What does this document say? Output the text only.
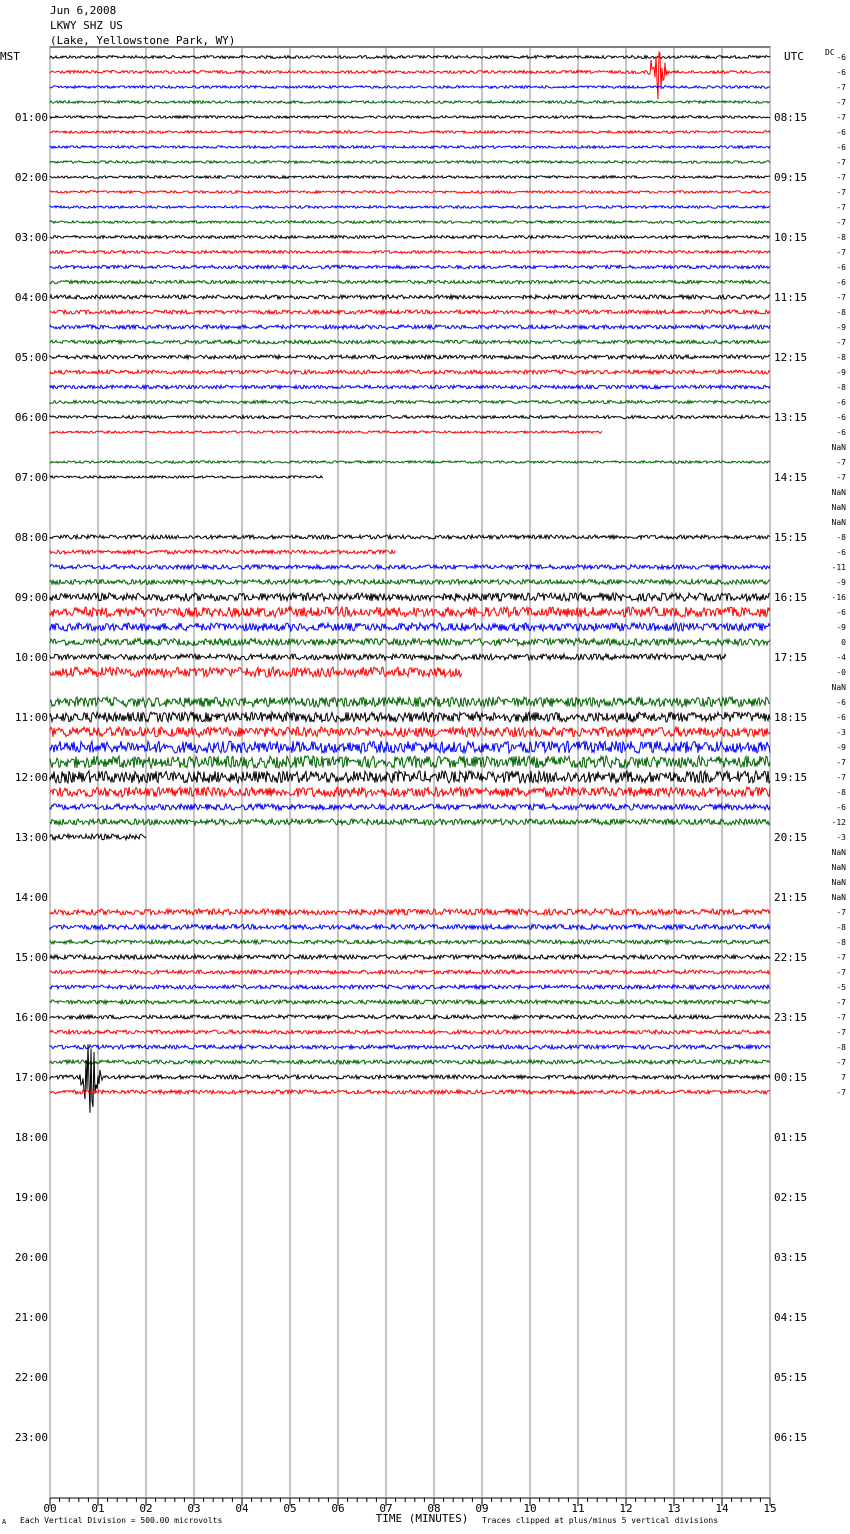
Jun 6,2008
LKWY SHZ US
(Lake, Yellowstone Park, WY)
MST	UTC	DC
00	01	02	03	04	05	06	07	08	09	10	11	12	13	14	15
01:00
02:00
03:00
04:00
05:00
06:00
07:00
08:00
09:00
10:00
11:00
12:00
13:00
14:00
15:00
16:00
17:00
18:00
19:00
20:00
21:00
22:00
23:00
08:15
09:15
10:15
11:15
12:15
13:15
14:15
15:15
16:15
17:15
18:15
19:15
20:15
21:15
22:15
23:15
00:15
01:15
02:15
03:15
04:15
05:15
06:15
-6
-6
-7
-7
-7
-6
-6
-7
-7
-7
-7
-7
-8
-7
-6
-6
-7
-8
-9
-7
-8
-9
-8
-6
-6
-6
NaN
-7
-7
NaN
NaN
NaN
-8
-6
-11
-9
-16
-6
-9
0
-4
-0
NaN
-6
-6
-3
-9
-7
-7
-8
-6
-12
-3
NaN
NaN
NaN
NaN
-7
-8
-8
-7
-7
-5
-7
-7
-7
-8
-7
7
-7
A Each Vertical Division = 500.00 microvolts	TIME (MINUTES) Traces clipped at plus/minus 5 vertical divisions
